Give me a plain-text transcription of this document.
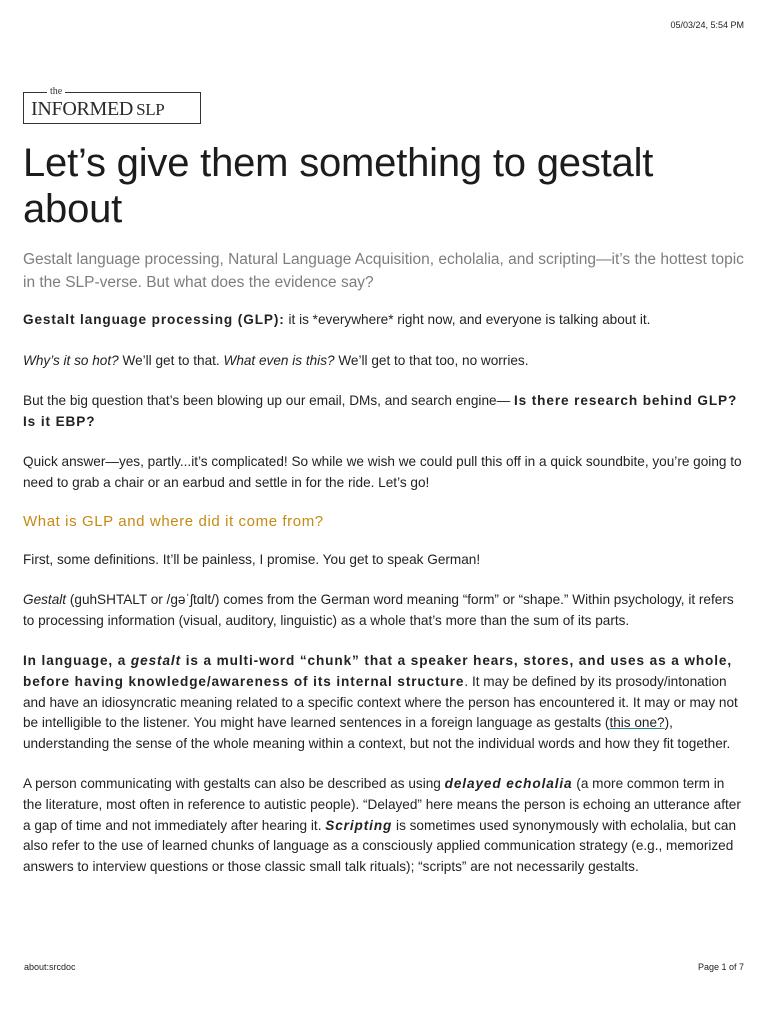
05/03/24, 5:54 PM
the
INFORMED SLP
Let’s give them something to gestalt about

Gestalt language processing, Natural Language Acquisition, echolalia, and scripting—it’s the hottest topic in the SLP-verse. But what does the evidence say?

Gestalt language processing (GLP): it is *everywhere* right now, and everyone is talking about it.

Why’s it so hot? We’ll get to that. What even is this? We’ll get to that too, no worries.

But the big question that’s been blowing up our email, DMs, and search engine— Is there research behind GLP? Is it EBP?

Quick answer—yes, partly...it’s complicated! So while we wish we could pull this off in a quick soundbite, you’re going to need to grab a chair or an earbud and settle in for the ride. Let’s go!

What is GLP and where did it come from?

First, some definitions. It’ll be painless, I promise. You get to speak German!

Gestalt (guhSHTALT or /gəˈʃtɑlt/) comes from the German word meaning “form” or “shape.” Within psychology, it refers to processing information (visual, auditory, linguistic) as a whole that’s more than the sum of its parts.

In language, a gestalt is a multi-word “chunk” that a speaker hears, stores, and uses as a whole, before having knowledge/awareness of its internal structure. It may be defined by its prosody/intonation and have an idiosyncratic meaning related to a specific context where the person has encountered it. It may or may not be intelligible to the listener. You might have learned sentences in a foreign language as gestalts (this one?), understanding the sense of the whole meaning within a context, but not the individual words and how they fit together.

A person communicating with gestalts can also be described as using delayed echolalia (a more common term in the literature, most often in reference to autistic people). “Delayed” here means the person is echoing an utterance after a gap of time and not immediately after hearing it. Scripting is sometimes used synonymously with echolalia, but can also refer to the use of learned chunks of language as a consciously applied communication strategy (e.g., memorized answers to interview questions or those classic small talk rituals); “scripts” are not necessarily gestalts.

about:srcdoc	Page 1 of 7
